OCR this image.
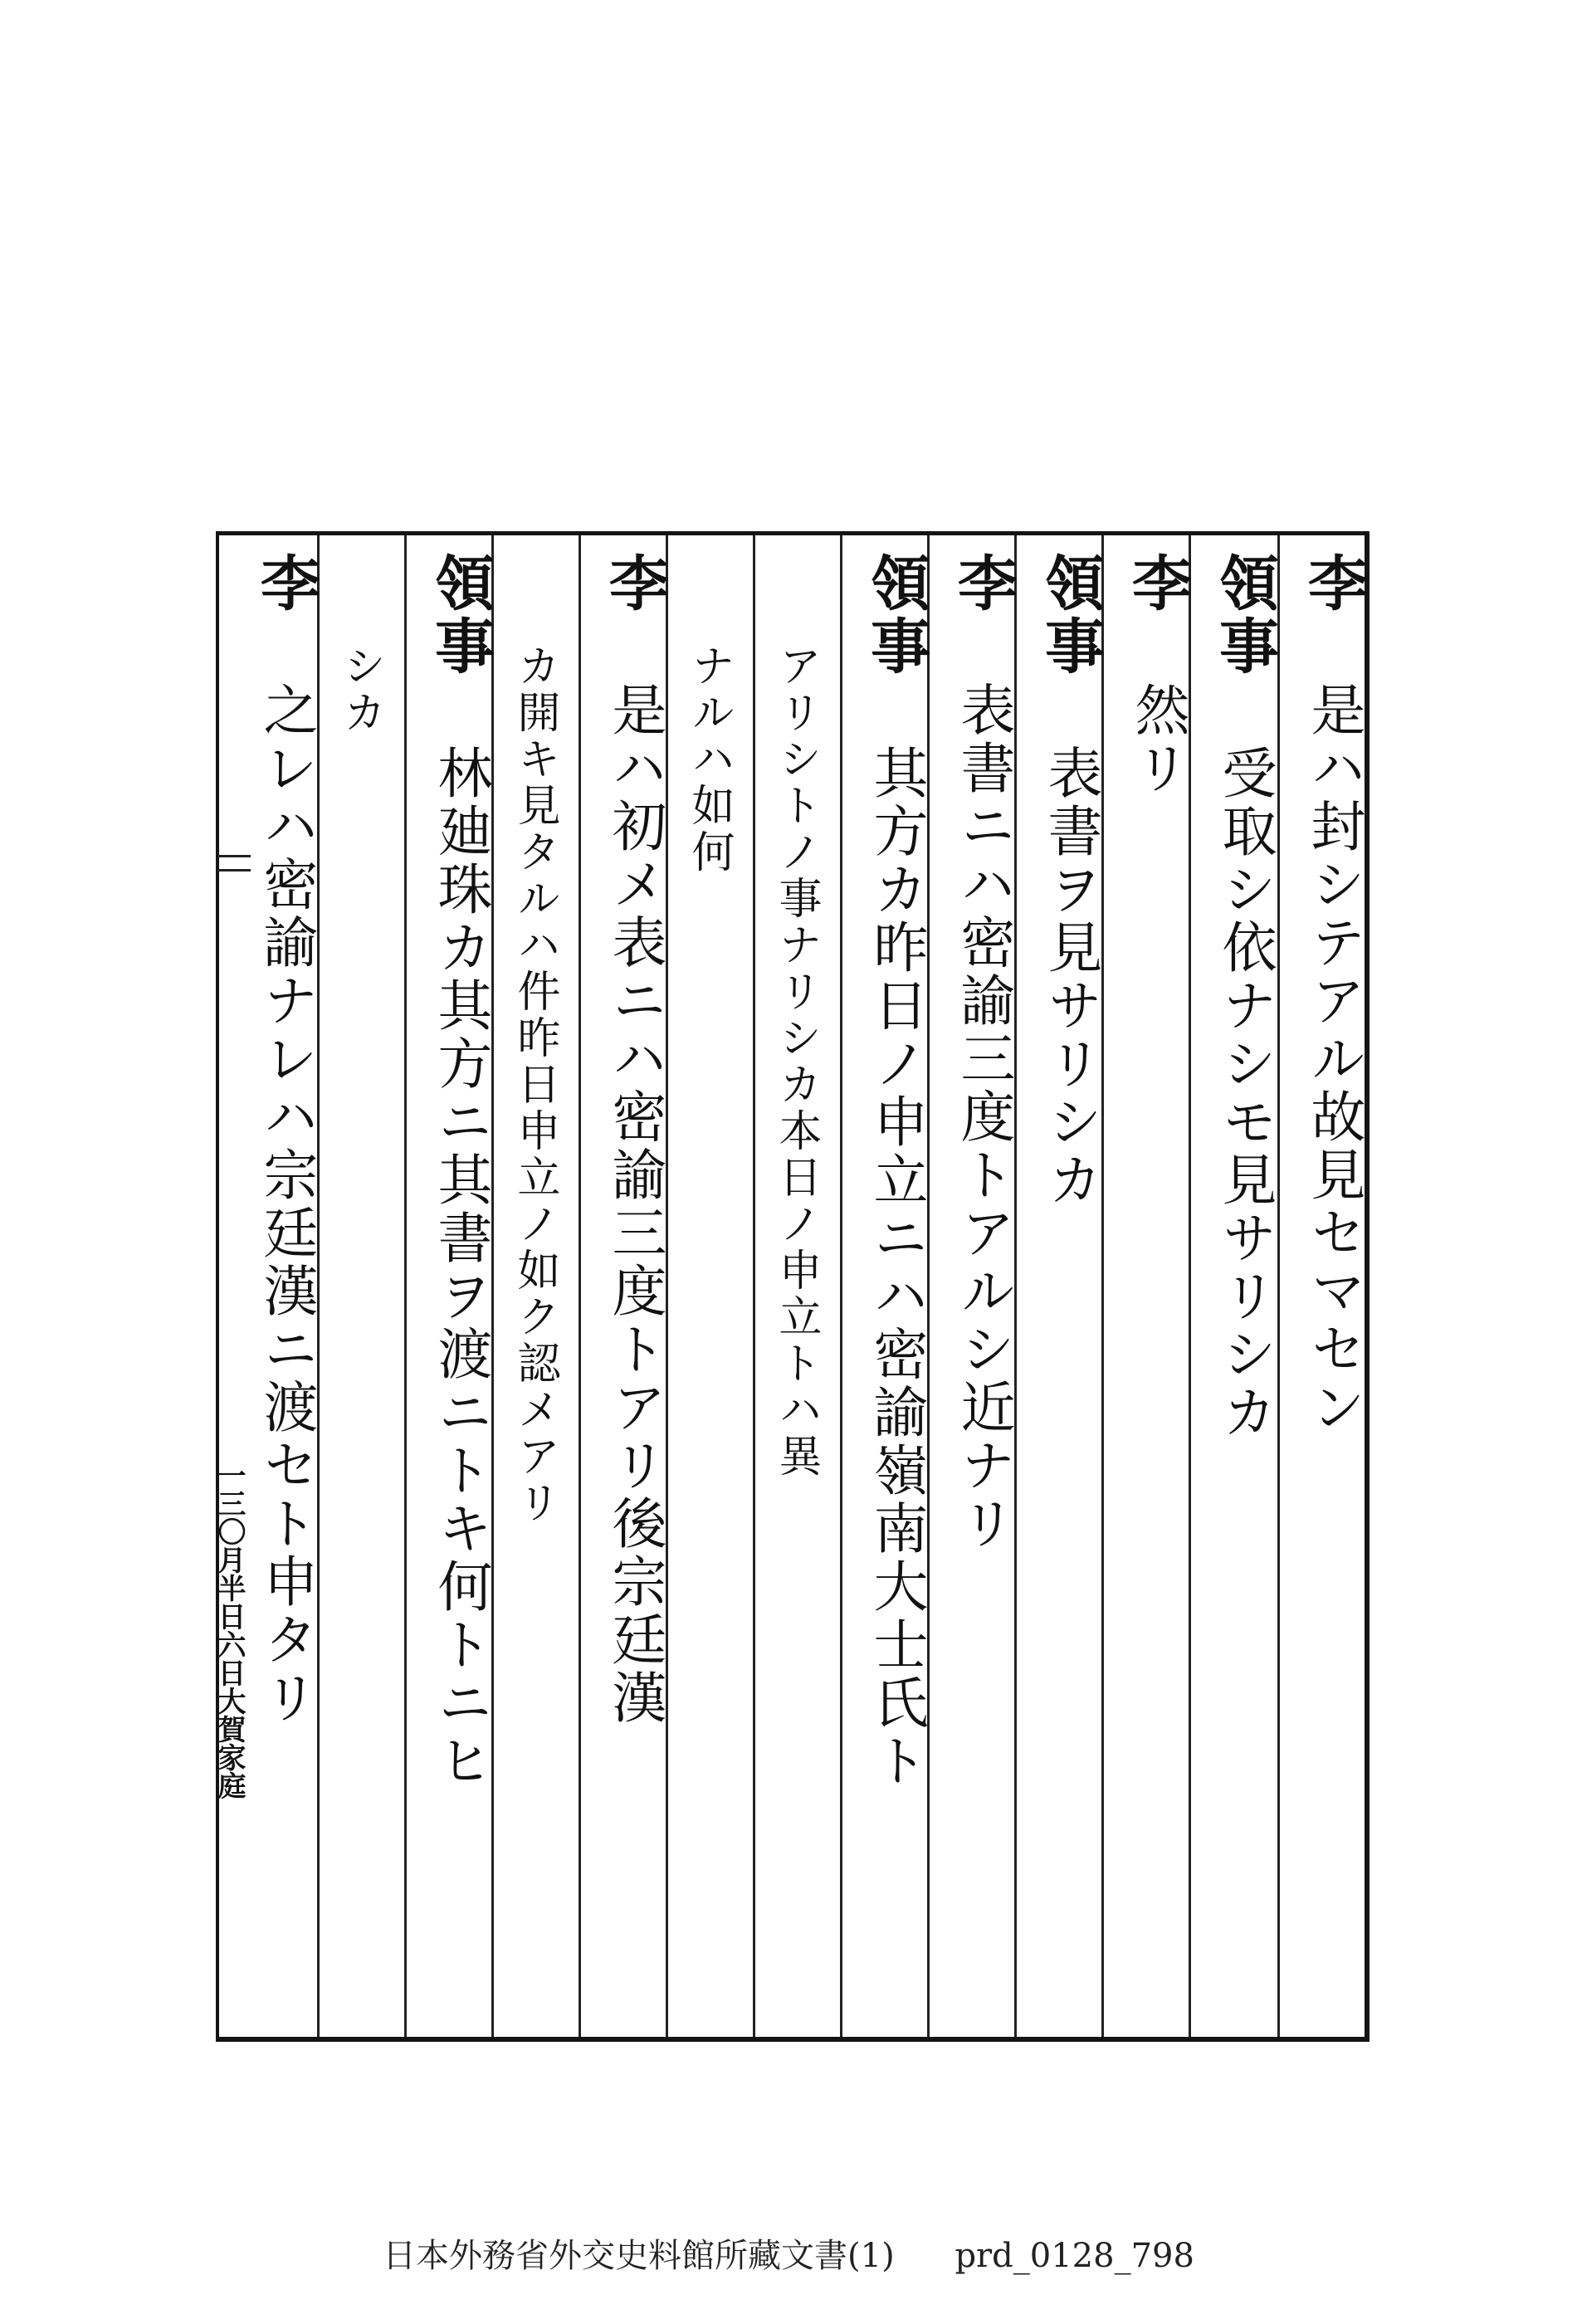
李是ハ封シテアル故見セマセン
領事受取シ依ナシモ見サリシカ
李然リ
領事表書ヲ見サリシカ
李表書ニハ密諭三度トアルシ近ナリ
領事其方カ昨日ノ申立ニハ密諭嶺南大士氏ト
アリシトノ事ナリシカ本日ノ申立トハ異
ナルハ如何
李是ハ初メ表ニハ密諭三度トアリ後宗廷漢
カ開キ見タルハ件昨日申立ノ如ク認メアリ
領事林廸珠カ其方ニ其書ヲ渡ニトキ何トニヒ
シカ
李之レハ密諭ナレハ宗廷漢ニ渡セト申タリ
一三〇月半日六日大賀家庭
日本外務省外交史料館所藏文書(1) prd_0128_798
